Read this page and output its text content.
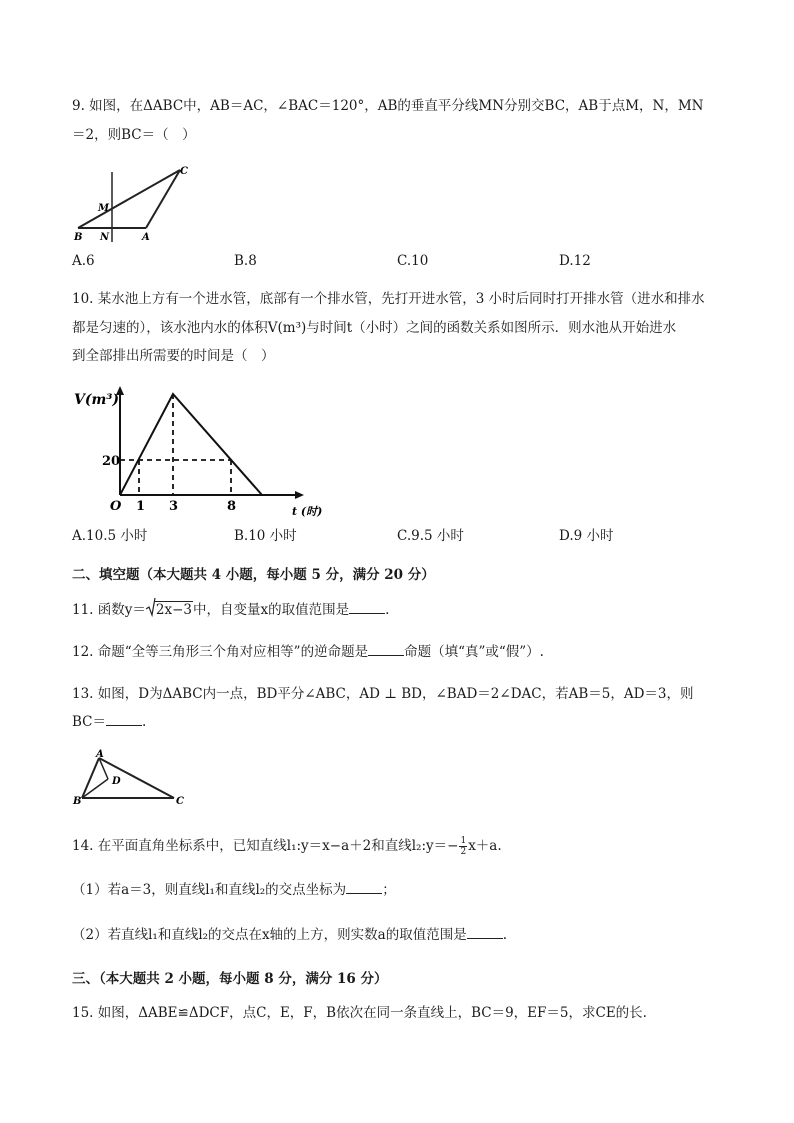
9. 如图，在ΔABC中，AB＝AC，∠BAC＝120°，AB的垂直平分线MN分别交BC，AB于点M，N，MN
＝2，则BC＝（　）
C
M
B N	A
A.6	B.8	C.10	D.12
10. 某水池上方有一个进水管，底部有一个排水管，先打开进水管，3 小时后同时打开排水管（进水和排水
都是匀速的），该水池内水的体积V(m³)与时间t（小时）之间的函数关系如图所示．则水池从开始进水
到全部排出所需要的时间是（　）
V(m³)
20
O 1 3	8	t (时)
A.10.5 小时	B.10 小时	C.9.5 小时	D.9 小时
二、填空题（本大题共 4 小题，每小题 5 分，满分 20 分）
11. 函数y＝ 2x−3中，自变量x的取值范围是	.
12. 命题“全等三角形三个角对应相等”的逆命题是	命题（填“真”或“假”）.
13. 如图，D为ΔABC内一点，BD平分∠ABC，AD ⊥ BD，∠BAD＝2∠DAC，若AB＝5，AD＝3，则
BC＝	.
A
D
B	C
14. 在平面直角坐标系中，已知直线l₁:y＝x−a＋2和直线l₂:y＝− $\frac{1}{2} x+a$.
（1）若a＝3，则直线l₁和直线l₂的交点坐标为	；
（2）若直线l₁和直线l₂的交点在x轴的上方，则实数a的取值范围是	.
三、（本大题共 2 小题，每小题 8 分，满分 16 分）
15. 如图，ΔABE≌ΔDCF，点C，E，F，B依次在同一条直线上，BC＝9，EF＝5，求CE的长.
